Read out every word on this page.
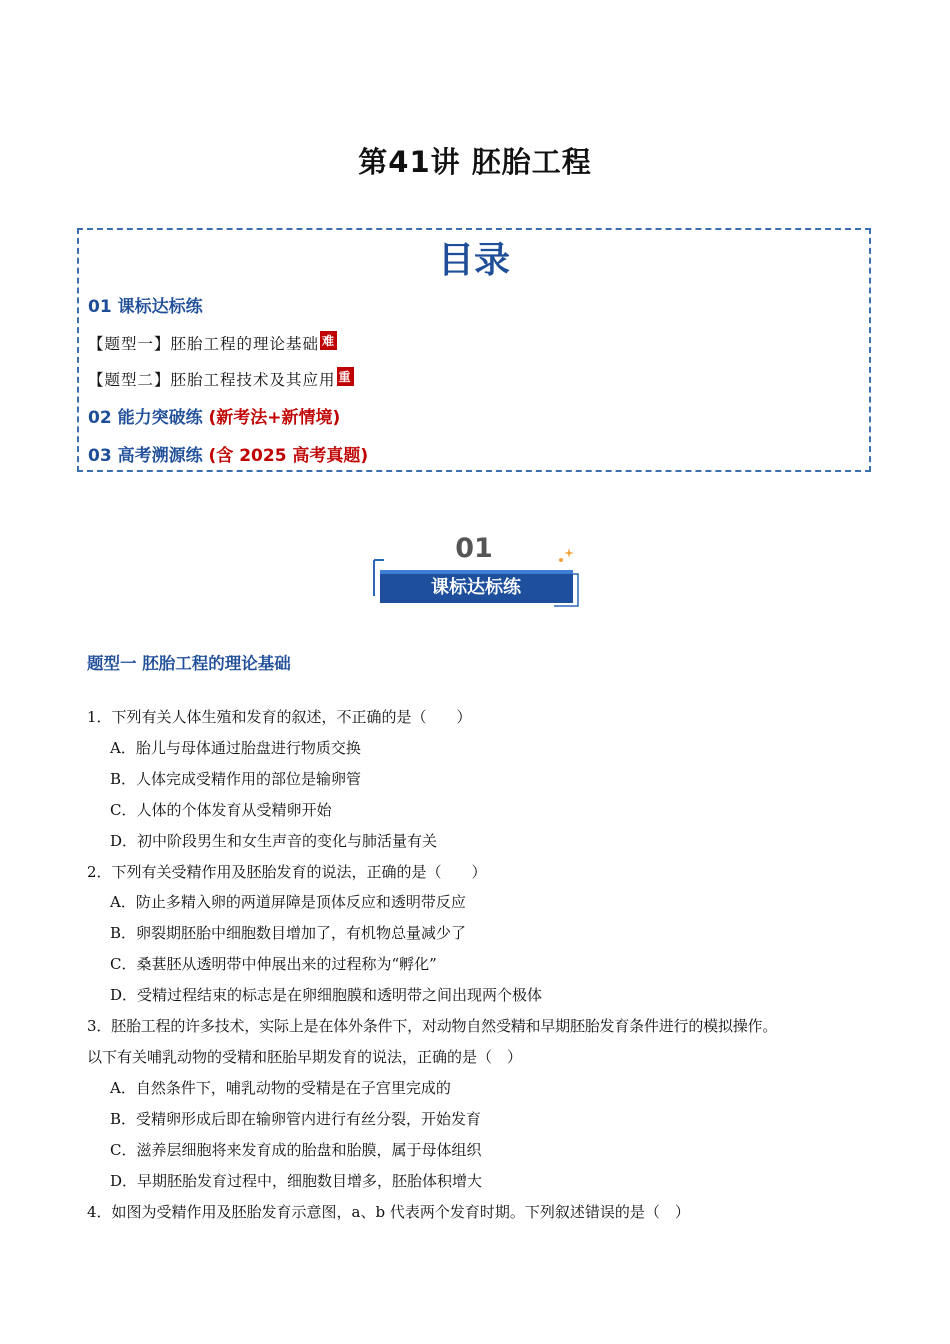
第41讲 胚胎工程
目录
01 课标达标练
【题型一】胚胎工程的理论基础 难
【题型二】胚胎工程技术及其应用 重
02 能力突破练 (新考法+新情境)
03 高考溯源练 (含 2025 高考真题)
01
课标达标练
题型一 胚胎工程的理论基础
1．下列有关人体生殖和发育的叙述，不正确的是（　　）
A．胎儿与母体通过胎盘进行物质交换
B．人体完成受精作用的部位是输卵管
C．人体的个体发育从受精卵开始
D．初中阶段男生和女生声音的变化与肺活量有关
2．下列有关受精作用及胚胎发育的说法，正确的是（　　）
A．防止多精入卵的两道屏障是顶体反应和透明带反应
B．卵裂期胚胎中细胞数目增加了，有机物总量减少了
C．桑葚胚从透明带中伸展出来的过程称为“孵化”
D．受精过程结束的标志是在卵细胞膜和透明带之间出现两个极体
3．胚胎工程的许多技术，实际上是在体外条件下，对动物自然受精和早期胚胎发育条件进行的模拟操作。
以下有关哺乳动物的受精和胚胎早期发育的说法，正确的是（　）
A．自然条件下，哺乳动物的受精是在子宫里完成的
B．受精卵形成后即在输卵管内进行有丝分裂，开始发育
C．滋养层细胞将来发育成的胎盘和胎膜，属于母体组织
D．早期胚胎发育过程中，细胞数目增多，胚胎体积增大
4．如图为受精作用及胚胎发育示意图，a、b 代表两个发育时期。下列叙述错误的是（　）
